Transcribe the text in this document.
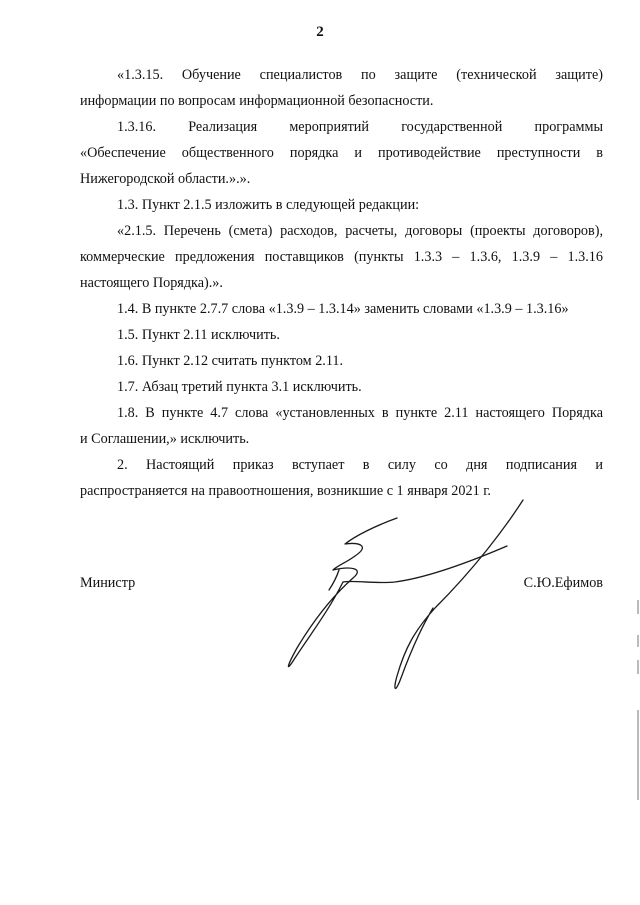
2
«1.3.15. Обучение специалистов по защите (технической защите)
информации по вопросам информационной безопасности.
1.3.16. Реализация мероприятий государственной программы
«Обеспечение общественного порядка и противодействие преступности в
Нижегородской области.».».
1.3. Пункт 2.1.5 изложить в следующей редакции:
«2.1.5. Перечень (смета) расходов, расчеты, договоры (проекты договоров),
коммерческие предложения поставщиков (пункты 1.3.3 – 1.3.6, 1.3.9 – 1.3.16
настоящего Порядка).».
1.4. В пункте 2.7.7 слова «1.3.9 – 1.3.14» заменить словами «1.3.9 – 1.3.16»
1.5. Пункт 2.11 исключить.
1.6. Пункт 2.12 считать пунктом 2.11.
1.7. Абзац третий пункта 3.1 исключить.
1.8. В пункте 4.7 слова «установленных в пункте 2.11 настоящего Порядка
и Соглашении,» исключить.
2. Настоящий приказ вступает в силу со дня подписания и
распространяется на правоотношения, возникшие с 1 января 2021 г.
Министр	С.Ю.Ефимов
